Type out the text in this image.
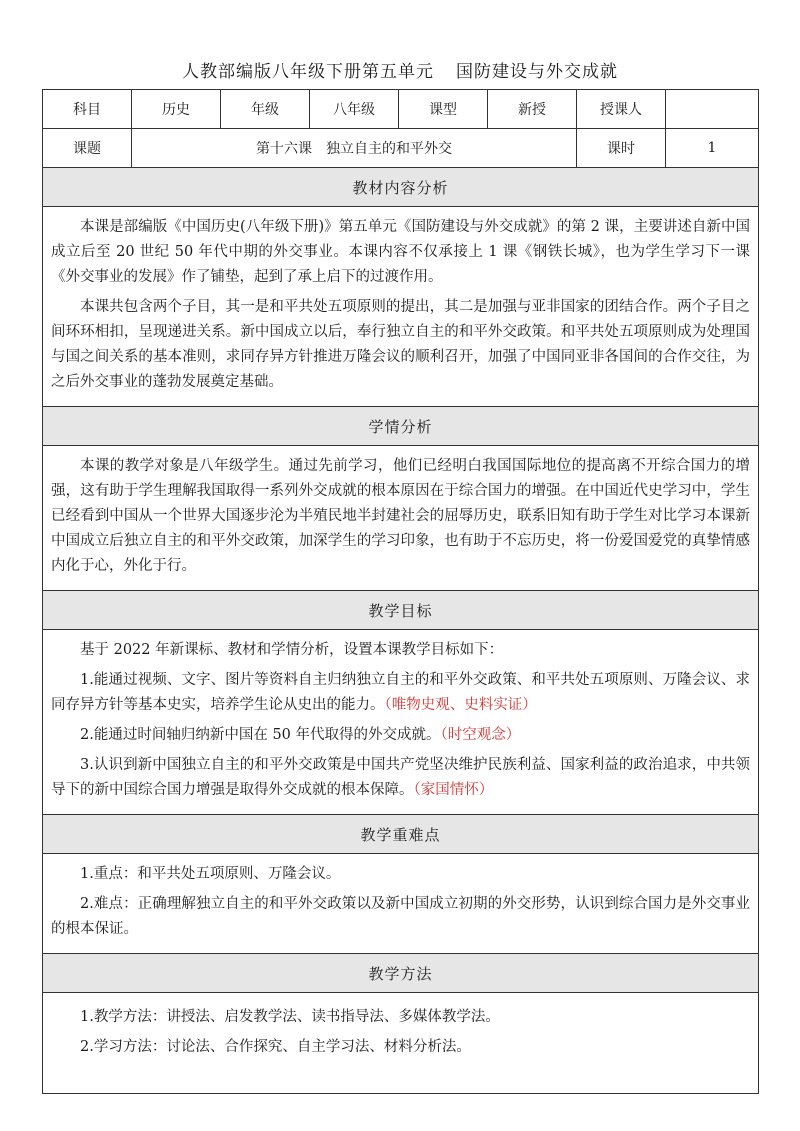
人教部编版八年级下册第五单元 国防建设与外交成就
科目	历史	年级	八年级	课型	新授	授课人	
课题	第十六课　独立自主的和平外交					课时	1
教材内容分析							

本课是部编版《中国历史(八年级下册)》第五单元《国防建设与外交成就》的第 2 课，主要讲述自新中国成立后至 20 世纪 50 年代中期的外交事业。本课内容不仅承接上 1 课《钢铁长城》，也为学生学习下一课《外交事业的发展》作了铺垫，起到了承上启下的过渡作用。

本课共包含两个子目，其一是和平共处五项原则的提出，其二是加强与亚非国家的团结合作。两个子目之间环环相扣，呈现递进关系。新中国成立以后，奉行独立自主的和平外交政策。和平共处五项原则成为处理国与国之间关系的基本准则，求同存异方针推进万隆会议的顺利召开，加强了中国同亚非各国间的合作交往，为之后外交事业的蓬勃发展奠定基础。							

学情分析							

本课的教学对象是八年级学生。通过先前学习，他们已经明白我国国际地位的提高离不开综合国力的增强，这有助于学生理解我国取得一系列外交成就的根本原因在于综合国力的增强。在中国近代史学习中，学生已经看到中国从一个世界大国逐步沦为半殖民地半封建社会的屈辱历史，联系旧知有助于学生对比学习本课新中国成立后独立自主的和平外交政策，加深学生的学习印象，也有助于不忘历史，将一份爱国爱党的真挚情感内化于心，外化于行。							

教学目标							

基于 2022 年新课标、教材和学情分析，设置本课教学目标如下：

1.能通过视频、文字、图片等资料自主归纳独立自主的和平外交政策、和平共处五项原则、万隆会议、求同存异方针等基本史实，培养学生论从史出的能力。（唯物史观、史料实证）

2.能通过时间轴归纳新中国在 50 年代取得的外交成就。（时空观念）

3.认识到新中国独立自主的和平外交政策是中国共产党坚决维护民族利益、国家利益的政治追求，中共领导下的新中国综合国力增强是取得外交成就的根本保障。（家国情怀）							

教学重难点							

1.重点：和平共处五项原则、万隆会议。

2.难点：正确理解独立自主的和平外交政策以及新中国成立初期的外交形势，认识到综合国力是外交事业的根本保证。							

教学方法							

1.教学方法：讲授法、启发教学法、读书指导法、多媒体教学法。

2.学习方法：讨论法、合作探究、自主学习法、材料分析法。							
